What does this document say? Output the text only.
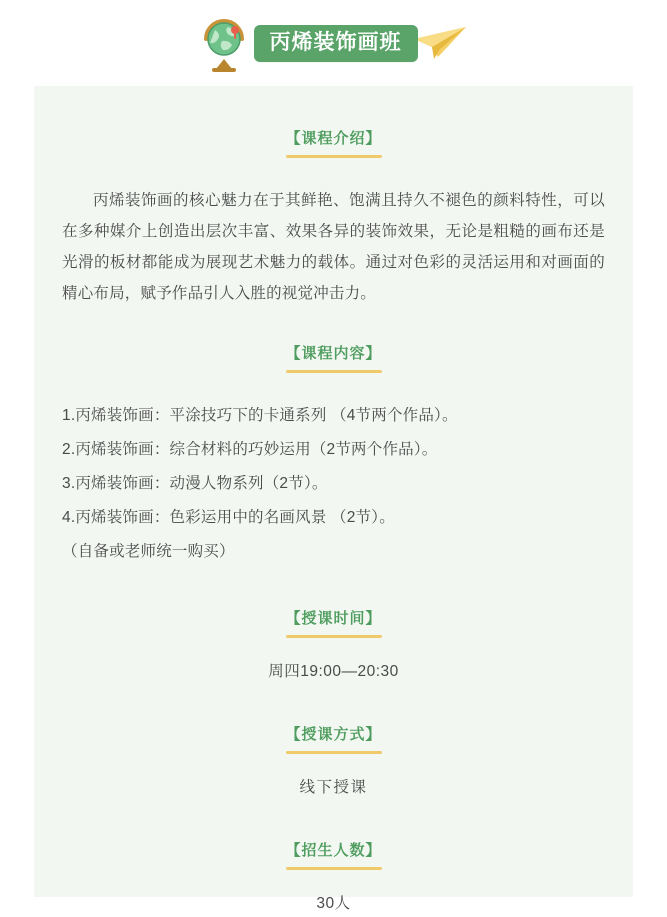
丙烯装饰画班
【课程介绍】

丙烯装饰画的核心魅力在于其鲜艳、饱满且持久不褪色的颜料特性，可以在多种媒介上创造出层次丰富、效果各异的装饰效果，无论是粗糙的画布还是光滑的板材都能成为展现艺术魅力的载体。通过对色彩的灵活运用和对画面的精心布局，赋予作品引人入胜的视觉冲击力。

【课程内容】
1.丙烯装饰画：平涂技巧下的卡通系列 （4节两个作品）。
2.丙烯装饰画：综合材料的巧妙运用（2节两个作品）。
3.丙烯装饰画：动漫人物系列（2节）。
4.丙烯装饰画：色彩运用中的名画风景 （2节）。
（自备或老师统一购买）
【授课时间】
周四19:00—20:30
【授课方式】
线下授课
【招生人数】
30人
